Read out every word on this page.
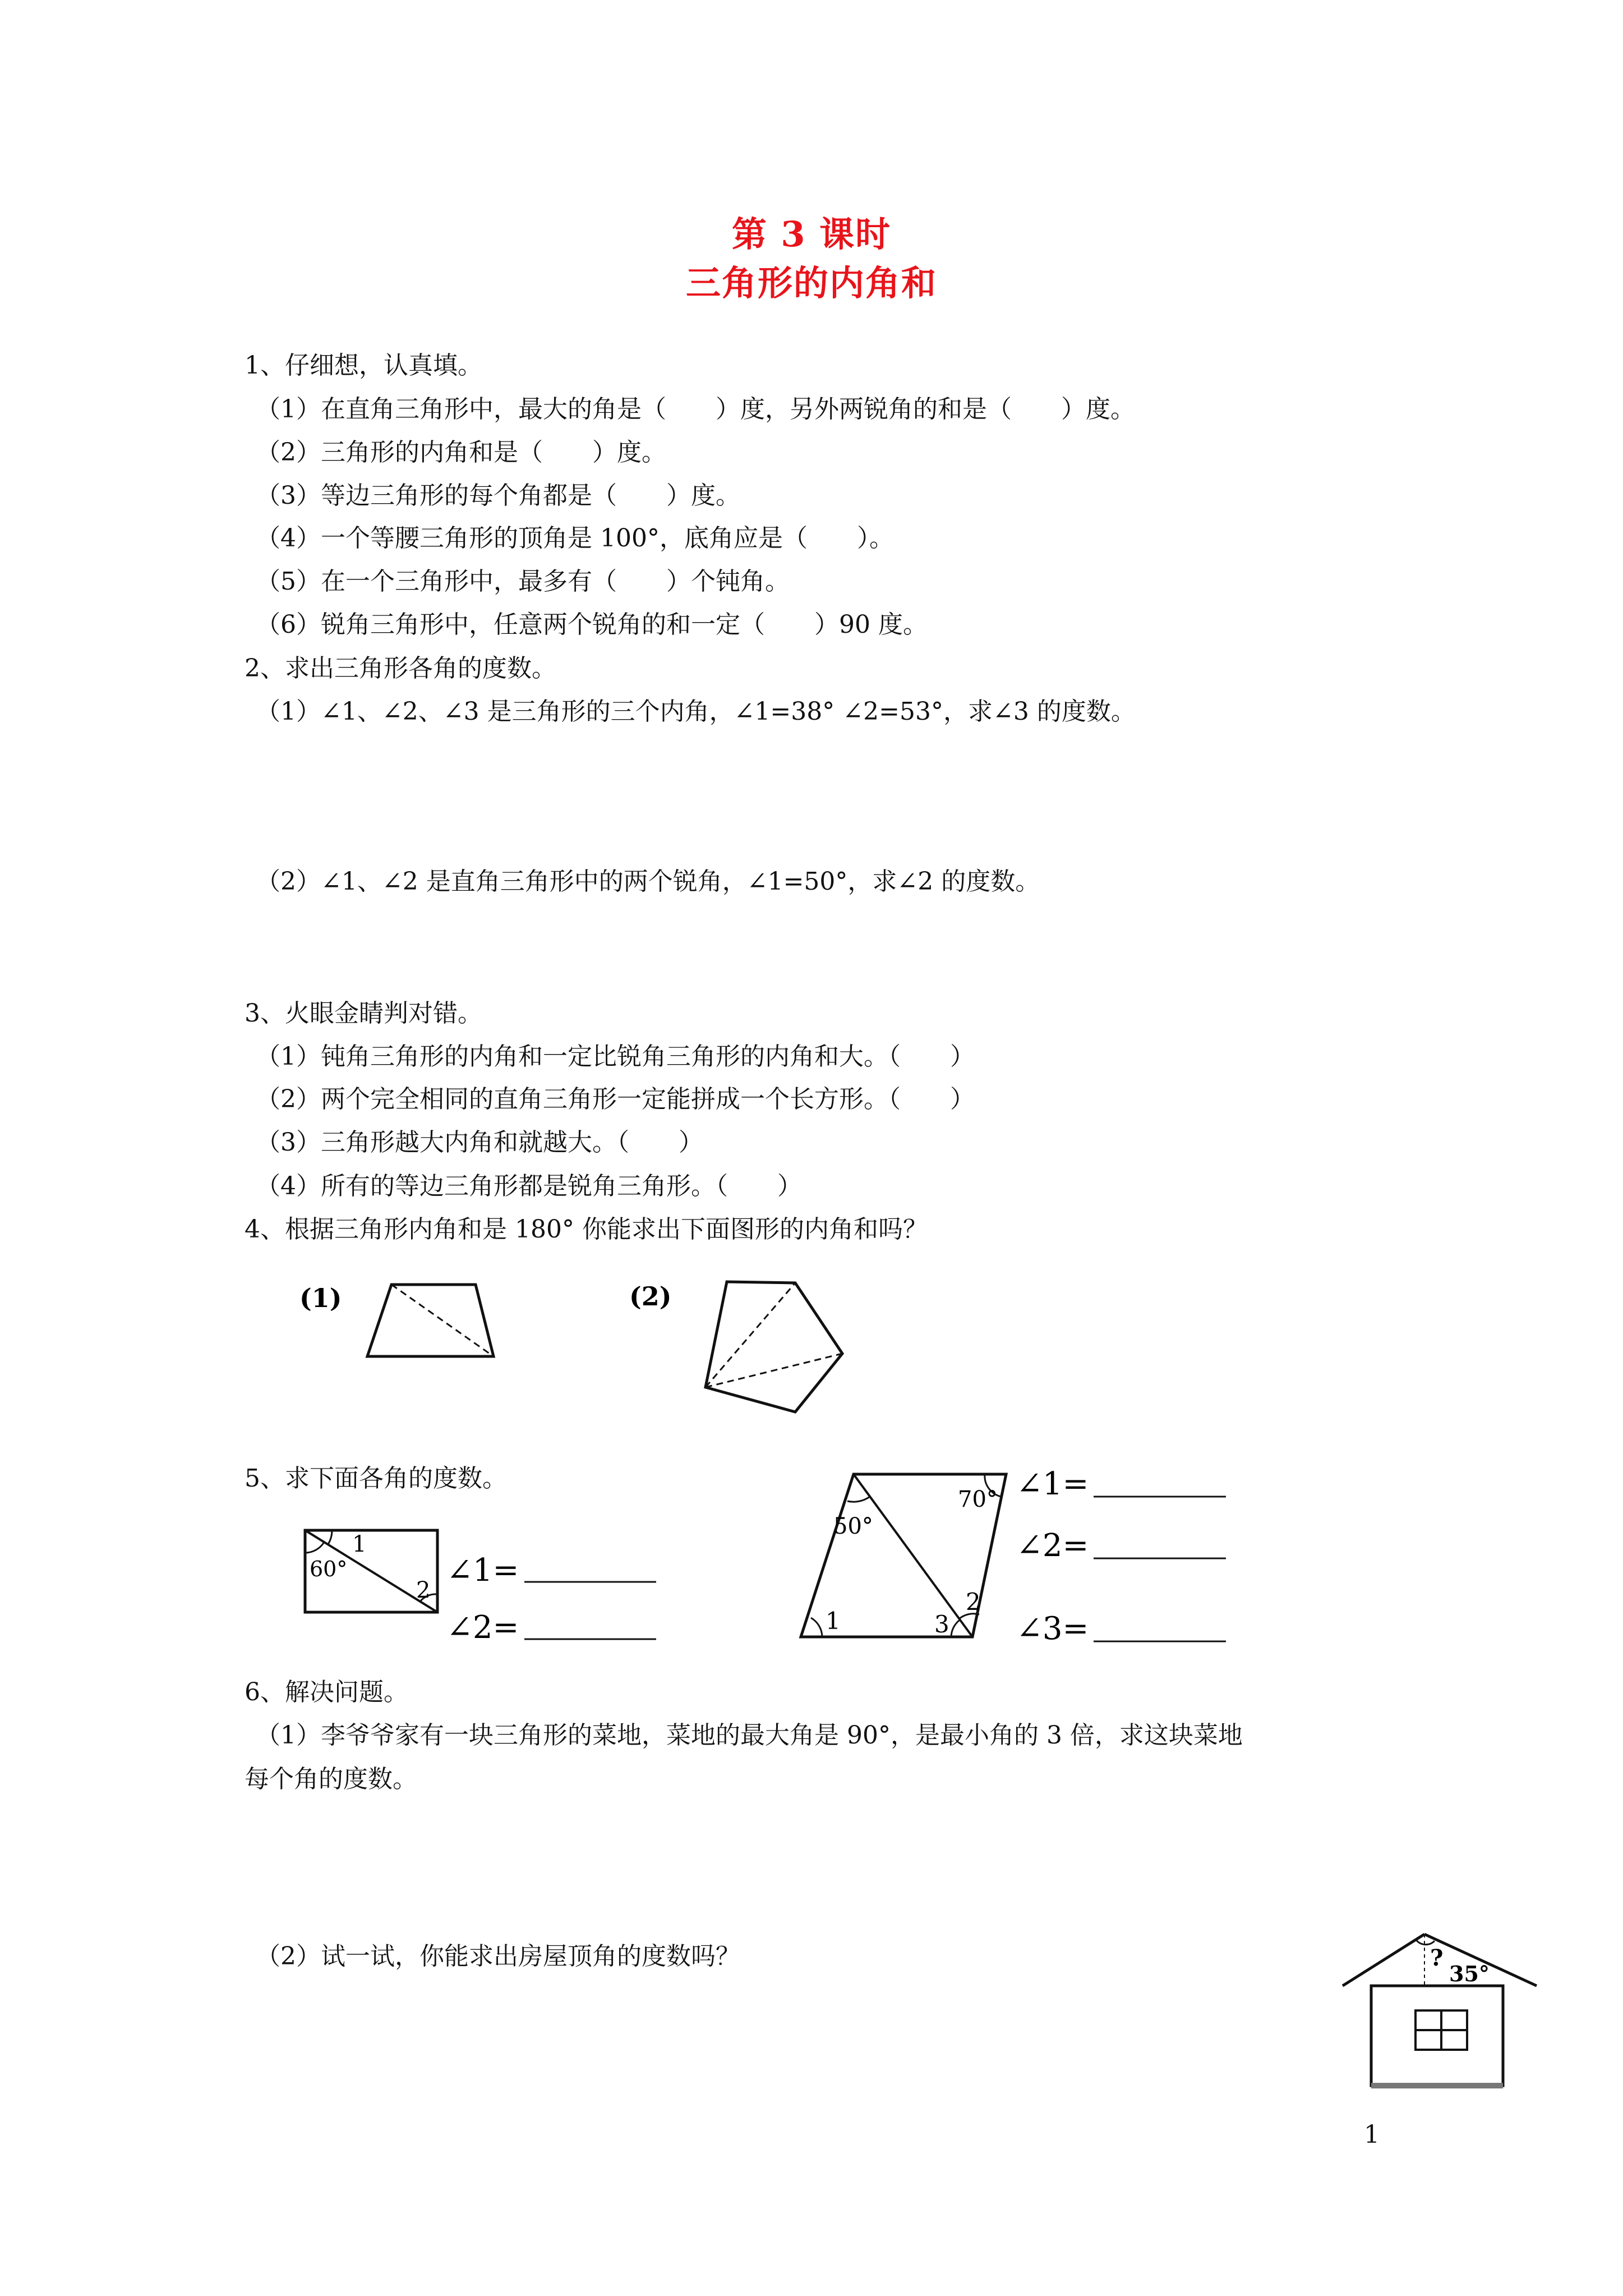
第 3 课时
三角形的内角和
1、仔细想，认真填。
（1）在直角三角形中，最大的角是（　　）度，另外两锐角的和是（　　）度。
（2）三角形的内角和是（　　）度。
（3）等边三角形的每个角都是（　　）度。
（4）一个等腰三角形的顶角是 100°，底角应是（　　）。
（5）在一个三角形中，最多有（　　）个钝角。
（6）锐角三角形中，任意两个锐角的和一定（　　）90 度。
2、求出三角形各角的度数。
（1）∠1、∠2、∠3 是三角形的三个内角，∠1=38° ∠2=53°，求∠3 的度数。
（2）∠1、∠2 是直角三角形中的两个锐角，∠1=50°，求∠2 的度数。
3、火眼金睛判对错。
（1）钝角三角形的内角和一定比锐角三角形的内角和大。（　　）
（2）两个完全相同的直角三角形一定能拼成一个长方形。（　　）
（3）三角形越大内角和就越大。（　　）
（4）所有的等边三角形都是锐角三角形。（　　）
4、根据三角形内角和是 180° 你能求出下面图形的内角和吗？
(1)	(2)
5、求下面各角的度数。
60°
1
2
∠1=
∠2=
70°
50°
1
2
3
∠1=
∠2=
∠3=
6、解决问题。
（1）李爷爷家有一块三角形的菜地，菜地的最大角是 90°，是最小角的 3 倍，求这块菜地
每个角的度数。
（2）试一试，你能求出房屋顶角的度数吗？	?
35°
1
